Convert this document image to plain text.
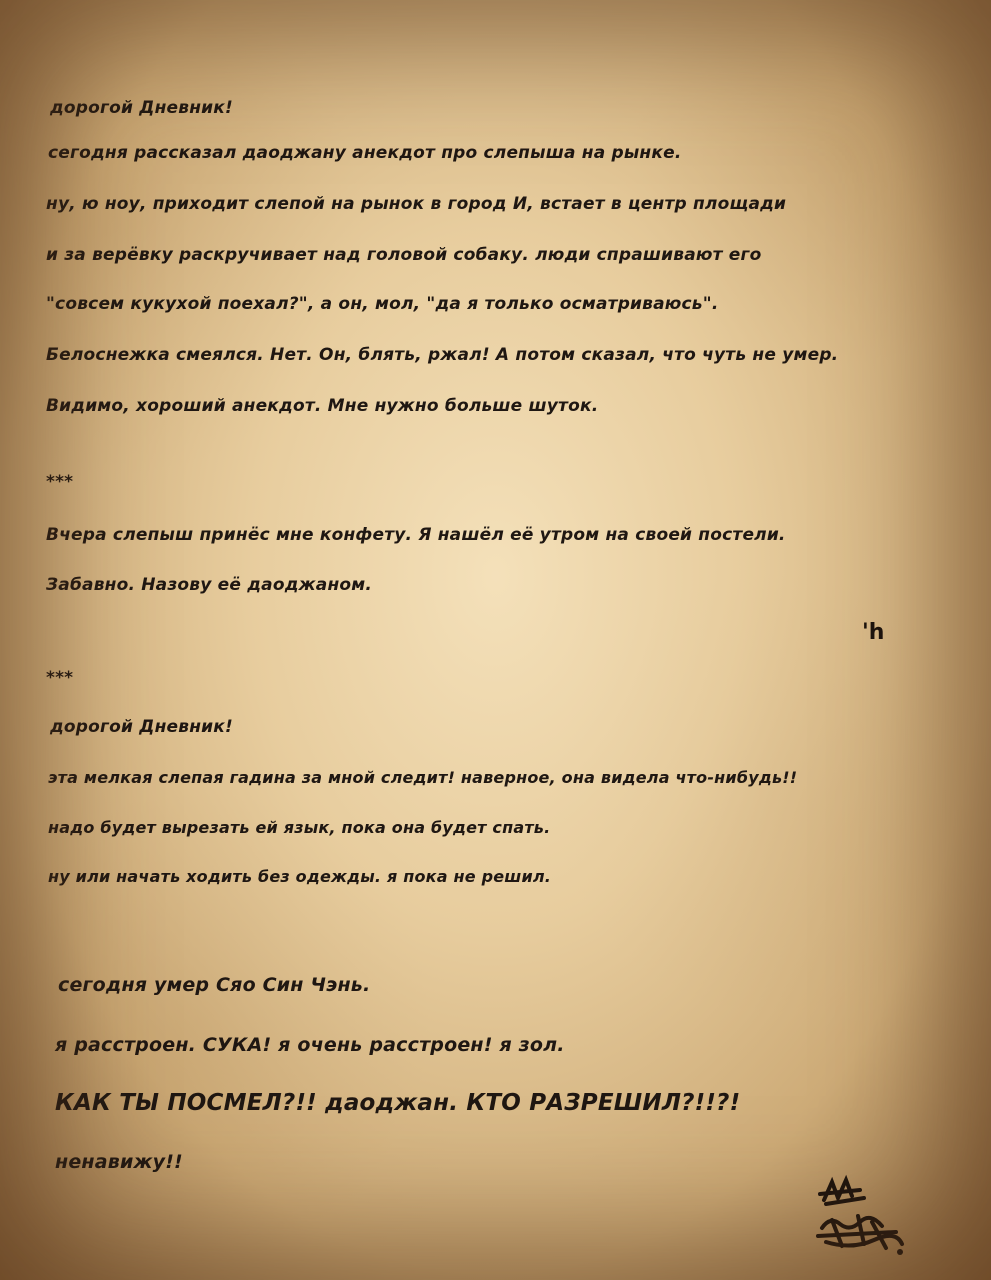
дорогой Дневник!
сегодня рассказал даоджану анекдот про слепыша на рынке.
ну, ю ноу, приходит слепой на рынок в город И, встает в центр площади
и за верёвку раскручивает над головой собаку. люди спрашивают его
"совсем кукухой поехал?", а он, мол, "да я только осматриваюсь".
Белоснежка смеялся. Нет. Он, блять, ржал! А потом сказал, что чуть не умер.
Видимо, хороший анекдот. Мне нужно больше шуток.
***
Вчера слепыш принёс мне конфету. Я нашёл её утром на своей постели.
Забавно. Назову её даоджаном.
'h
***
дорогой Дневник!
эта мелкая слепая гадина за мной следит! наверное, она видела что-нибудь!!
надо будет вырезать ей язык, пока она будет спать.
ну или начать ходить без одежды. я пока не решил.
сегодня умер Сяо Син Чэнь.
я расстроен. СУКА! я очень расстроен! я зол.
КАК ТЫ ПОСМЕЛ?!! даоджан. КТО РАЗРЕШИЛ?!!?!
ненавижу!!
